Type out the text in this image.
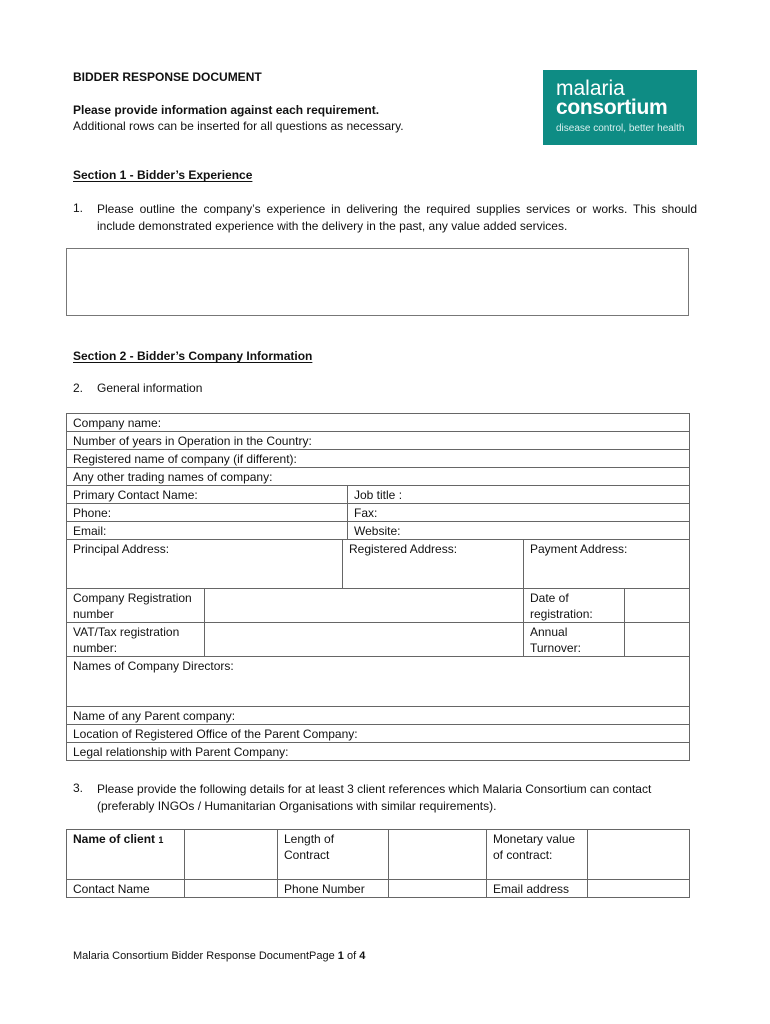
BIDDER RESPONSE DOCUMENT
Please provide information against each requirement.
Additional rows can be inserted for all questions as necessary.
malaria
consortium
disease control, better health
Section 1 - Bidder’s Experience
1. Please outline the company’s experience in delivering the required supplies services or works. This should include demonstrated experience with the delivery in the past, any value added services.
Section 2 - Bidder’s Company Information
2. General information
Company name:					
Number of years in Operation in the Country:					
Registered name of company (if different):					
Any other trading names of company:					
Primary Contact Name:			Job title :		
Phone:			Fax:		
Email:			Website:		
Principal Address:		Registered Address:		Payment Address:	
Company Registration number				Date of registration:	
VAT/Tax registration number:				Annual Turnover:	
Names of Company Directors:					
Name of any Parent company:					
Location of Registered Office of the Parent Company:					
Legal relationship with Parent Company:					
3. Please provide the following details for at least 3 client references which Malaria Consortium can contact (preferably INGOs / Humanitarian Organisations with similar requirements).
Name of client 1		Length of Contract		Monetary value of contract:	
Contact Name		Phone Number		Email address	
Malaria Consortium Bidder Response DocumentPage 1 of 4
